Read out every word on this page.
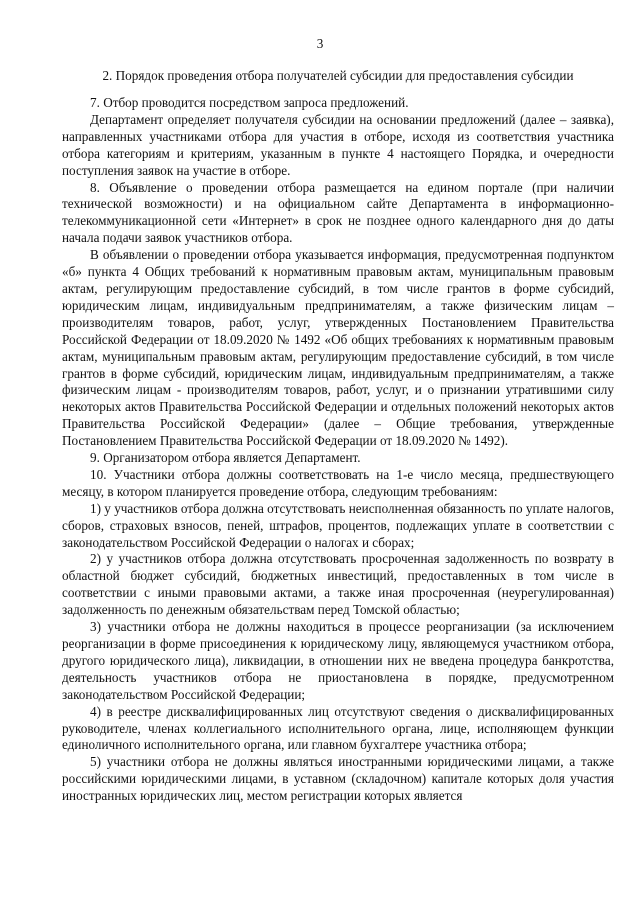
3
2. Порядок проведения отбора получателей субсидии для предоставления субсидии

7. Отбор проводится посредством запроса предложений.

Департамент определяет получателя субсидии на основании предложений (далее – заявка), направленных участниками отбора для участия в отборе, исходя из соответствия участника отбора категориям и критериям, указанным в пункте 4 настоящего Порядка, и очередности поступления заявок на участие в отборе.

8. Объявление о проведении отбора размещается на едином портале (при наличии технической возможности) и на официальном сайте Департамента в информационно-телекоммуникационной сети «Интернет» в срок не позднее одного календарного дня до даты начала подачи заявок участников отбора.

В объявлении о проведении отбора указывается информация, предусмотренная подпунктом «б» пункта 4 Общих требований к нормативным правовым актам, муниципальным правовым актам, регулирующим предоставление субсидий, в том числе грантов в форме субсидий, юридическим лицам, индивидуальным предпринимателям, а также физическим лицам – производителям товаров, работ, услуг, утвержденных Постановлением Правительства Российской Федерации от 18.09.2020 № 1492 «Об общих требованиях к нормативным правовым актам, муниципальным правовым актам, регулирующим предоставление субсидий, в том числе грантов в форме субсидий, юридическим лицам, индивидуальным предпринимателям, а также физическим лицам - производителям товаров, работ, услуг, и о признании утратившими силу некоторых актов Правительства Российской Федерации и отдельных положений некоторых актов Правительства Российской Федерации» (далее – Общие требования, утвержденные Постановлением Правительства Российской Федерации от 18.09.2020 № 1492).

9. Организатором отбора является Департамент.

10. Участники отбора должны соответствовать на 1-е число месяца, предшествующего месяцу, в котором планируется проведение отбора, следующим требованиям:

1) у участников отбора должна отсутствовать неисполненная обязанность по уплате налогов, сборов, страховых взносов, пеней, штрафов, процентов, подлежащих уплате в соответствии с законодательством Российской Федерации о налогах и сборах;

2) у участников отбора должна отсутствовать просроченная задолженность по возврату в областной бюджет субсидий, бюджетных инвестиций, предоставленных в том числе в соответствии с иными правовыми актами, а также иная просроченная (неурегулированная) задолженность по денежным обязательствам перед Томской областью;

3) участники отбора не должны находиться в процессе реорганизации (за исключением реорганизации в форме присоединения к юридическому лицу, являющемуся участником отбора, другого юридического лица), ликвидации, в отношении них не введена процедура банкротства, деятельность участников отбора не приостановлена в порядке, предусмотренном законодательством Российской Федерации;

4) в реестре дисквалифицированных лиц отсутствуют сведения о дисквалифицированных руководителе, членах коллегиального исполнительного органа, лице, исполняющем функции единоличного исполнительного органа, или главном бухгалтере участника отбора;

5) участники отбора не должны являться иностранными юридическими лицами, а также российскими юридическими лицами, в уставном (складочном) капитале которых доля участия иностранных юридических лиц, местом регистрации которых является
